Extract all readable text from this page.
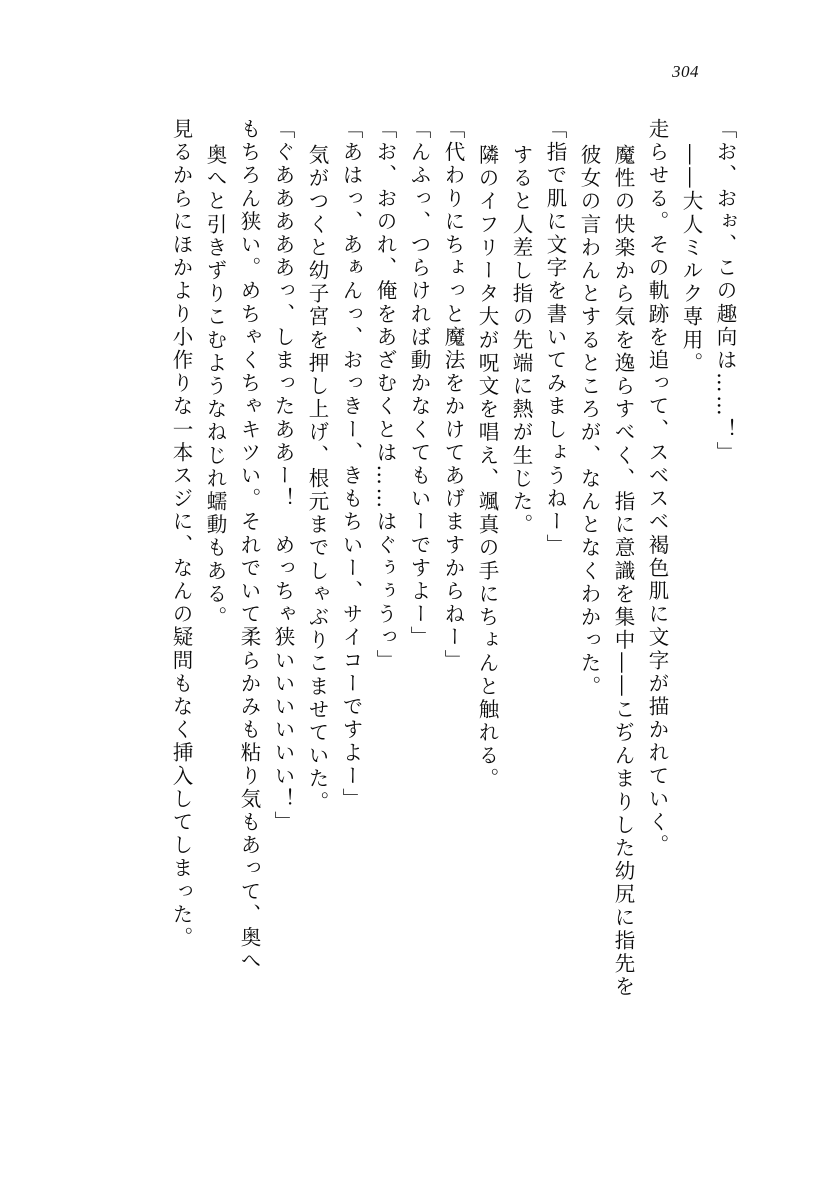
304
見るからにほかより小作りな一本スジに、なんの疑問もなく挿入してしまった。 奥へと引きずりこむようなねじれ蠕動もある。 もちろん狭い。めちゃくちゃキツい。それでいて柔らかみも粘り気もあって、奥へ 「ぐあああああっ、しまったああー！　めっちゃ狭いいいいいい！」 気がつくと幼子宮を押し上げ、根元までしゃぶりこませていた。 「あはっ、あぁんっ、おっきー、きもちいー、サイコーですよー」 「お、おのれ、俺をあざむくとは……はぐぅぅうっ」 「んふっ、つらければ動かなくてもいーですよー」 「代わりにちょっと魔法をかけてあげますからねー」 隣のイフリータ大が呪文を唱え、颯真の手にちょんと触れる。 すると人差し指の先端に熱が生じた。 「指で肌に文字を書いてみましょうねー」 彼女の言わんとするところが、なんとなくわかった。 魔性の快楽から気を逸らすべく、指に意識を集中――こぢんまりした幼尻に指先を 走らせる。その軌跡を追って、スベスベ褐色肌に文字が描かれていく。 ――大人ミルク専用。 「お、おぉ、この趣向は……！」
